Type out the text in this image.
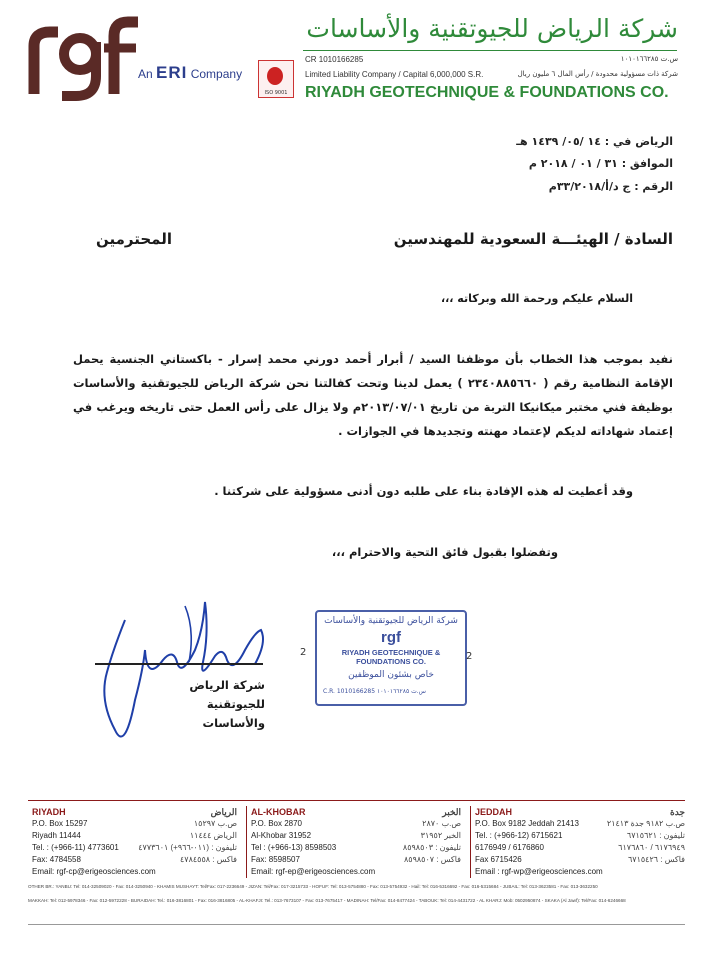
An ERI Company
ISO 9001
شركة الرياض للجيوتقنية والأساسات
CR 1010166285	س.ت ١٠١٠١٦٦٢٨٥
Limited Liability Company / Capital 6,000,000 S.R.	شركة ذات مسؤولية محدودة / رأس المال ٦ مليون ريال
RIYADH GEOTECHNIQUE & FOUNDATIONS CO.
الرياض في : ١٤ /٠٥/ ١٤٣٩ هـ
الموافق : ٣١ / ٠١ / ٢٠١٨ م
الرقم : ج د/أ/٣٣/٢٠١٨م
السادة / الهيئـــة السعودية للمهندسين
المحترمين
السلام عليكم ورحمة الله وبركاته ،،،
نفيد بموجب هذا الخطاب بأن موظفنا السيد / أبرار أحمد دورني محمد إسرار - باكستاني الجنسية يحمل الإقامة النظامية رقم ( ٢٣٤٠٨٨٥٦٦٠ ) يعمل لدينا وتحت كفالتنا نحن شركة الرياض للجيوتقنية والأساسات بوظيفة فني مختبر ميكانيكا التربة من تاريخ ٢٠١٣/٠٧/٠١م ولا يزال على رأس العمل حتى تاريخه ويرغب في إعتماد شهاداته لديكم لإعتماد مهنته وتجديدها في الجوازات .
وقد أعطيت له هذه الإفادة بناء على طلبه دون أدنى مسؤولية على شركتنا .
وتفضلوا بقبول فائق التحية والاحترام ،،،
شركة الرياض للجيوتقنية والأساسات
شركة الرياض للجيوتقنية والأساسات
rgf
RIYADH GEOTECHNIQUE & FOUNDATIONS CO.
خاص بشئون الموظفين
C.R. 1010166285 س.ت ١٠١٠١٦٦٢٨٥
2	2
RIYADH	الرياض
P.O. Box 15297	ص.ب ١٥٢٩٧
Riyadh 11444	الرياض ١١٤٤٤
Tel. : (+966-11) 4773601 تليفون : (٠١١-٩٦٦+) ٤٧٧٣٦٠١
Fax: 4784558	فاكس : ٤٧٨٤٥٥٨
Email: rgf-cp@erigeosciences.com
AL-KHOBAR	الخبر
P.O. Box 2870	ص.ب ٢٨٧٠
Al-Khobar 31952	الخبر ٣١٩٥٢
Tel : (+966-13) 8598503	تليفون : ٨٥٩٨٥٠٣
Fax: 8598507	فاكس : ٨٥٩٨٥٠٧
Email: rgf-ep@erigeosciences.com
JEDDAH	جدة
P.O. Box 9182 Jeddah 21413	ص.ب ٩١٨٢ جدة ٢١٤١٣
Tel. : (+966-12) 6715621	تليفون : ٦٧١٥٦٢١
6176949 / 6176860	٦١٧٦٩٤٩ / ٦١٧٦٨٦٠
Fax 6715426	فاكس : ٦٧١٥٤٢٦
Email : rgf-wp@erigeosciences.com
OTHER BR.: YANBU: Tel: 014-32509020 - Fax: 014-3250940 - KHAMIS MUSHAYT: Tel/Fax: 017-2236649 - JIZAN: Tel/Fax: 017-3215733 - HOFUF: Tel: 013-5754880 - Fax: 013-5754932 - Hail: Tel: 016-5316692 - Fax: 016-5315684 - JUBAIL: Tel: 013-3623581 - Fax: 013-3632250
MAKKAH: Tel: 012-5978346 - Fax: 012-5972228 - BURAIDAH: Tel.: 016-3816801 - Fax: 016-3816805 - AL-KHAFJI: Tel.: 013-7673107 - Fax: 013-7675417 - MADINAH: Tel/Fax: 014-8477424 - TABOUK: Tel: 014-4431722 - AL KHARJ: Mob: 0502950874 - SKAKA (Al Jawf): Tel/Fax: 014-6246668
